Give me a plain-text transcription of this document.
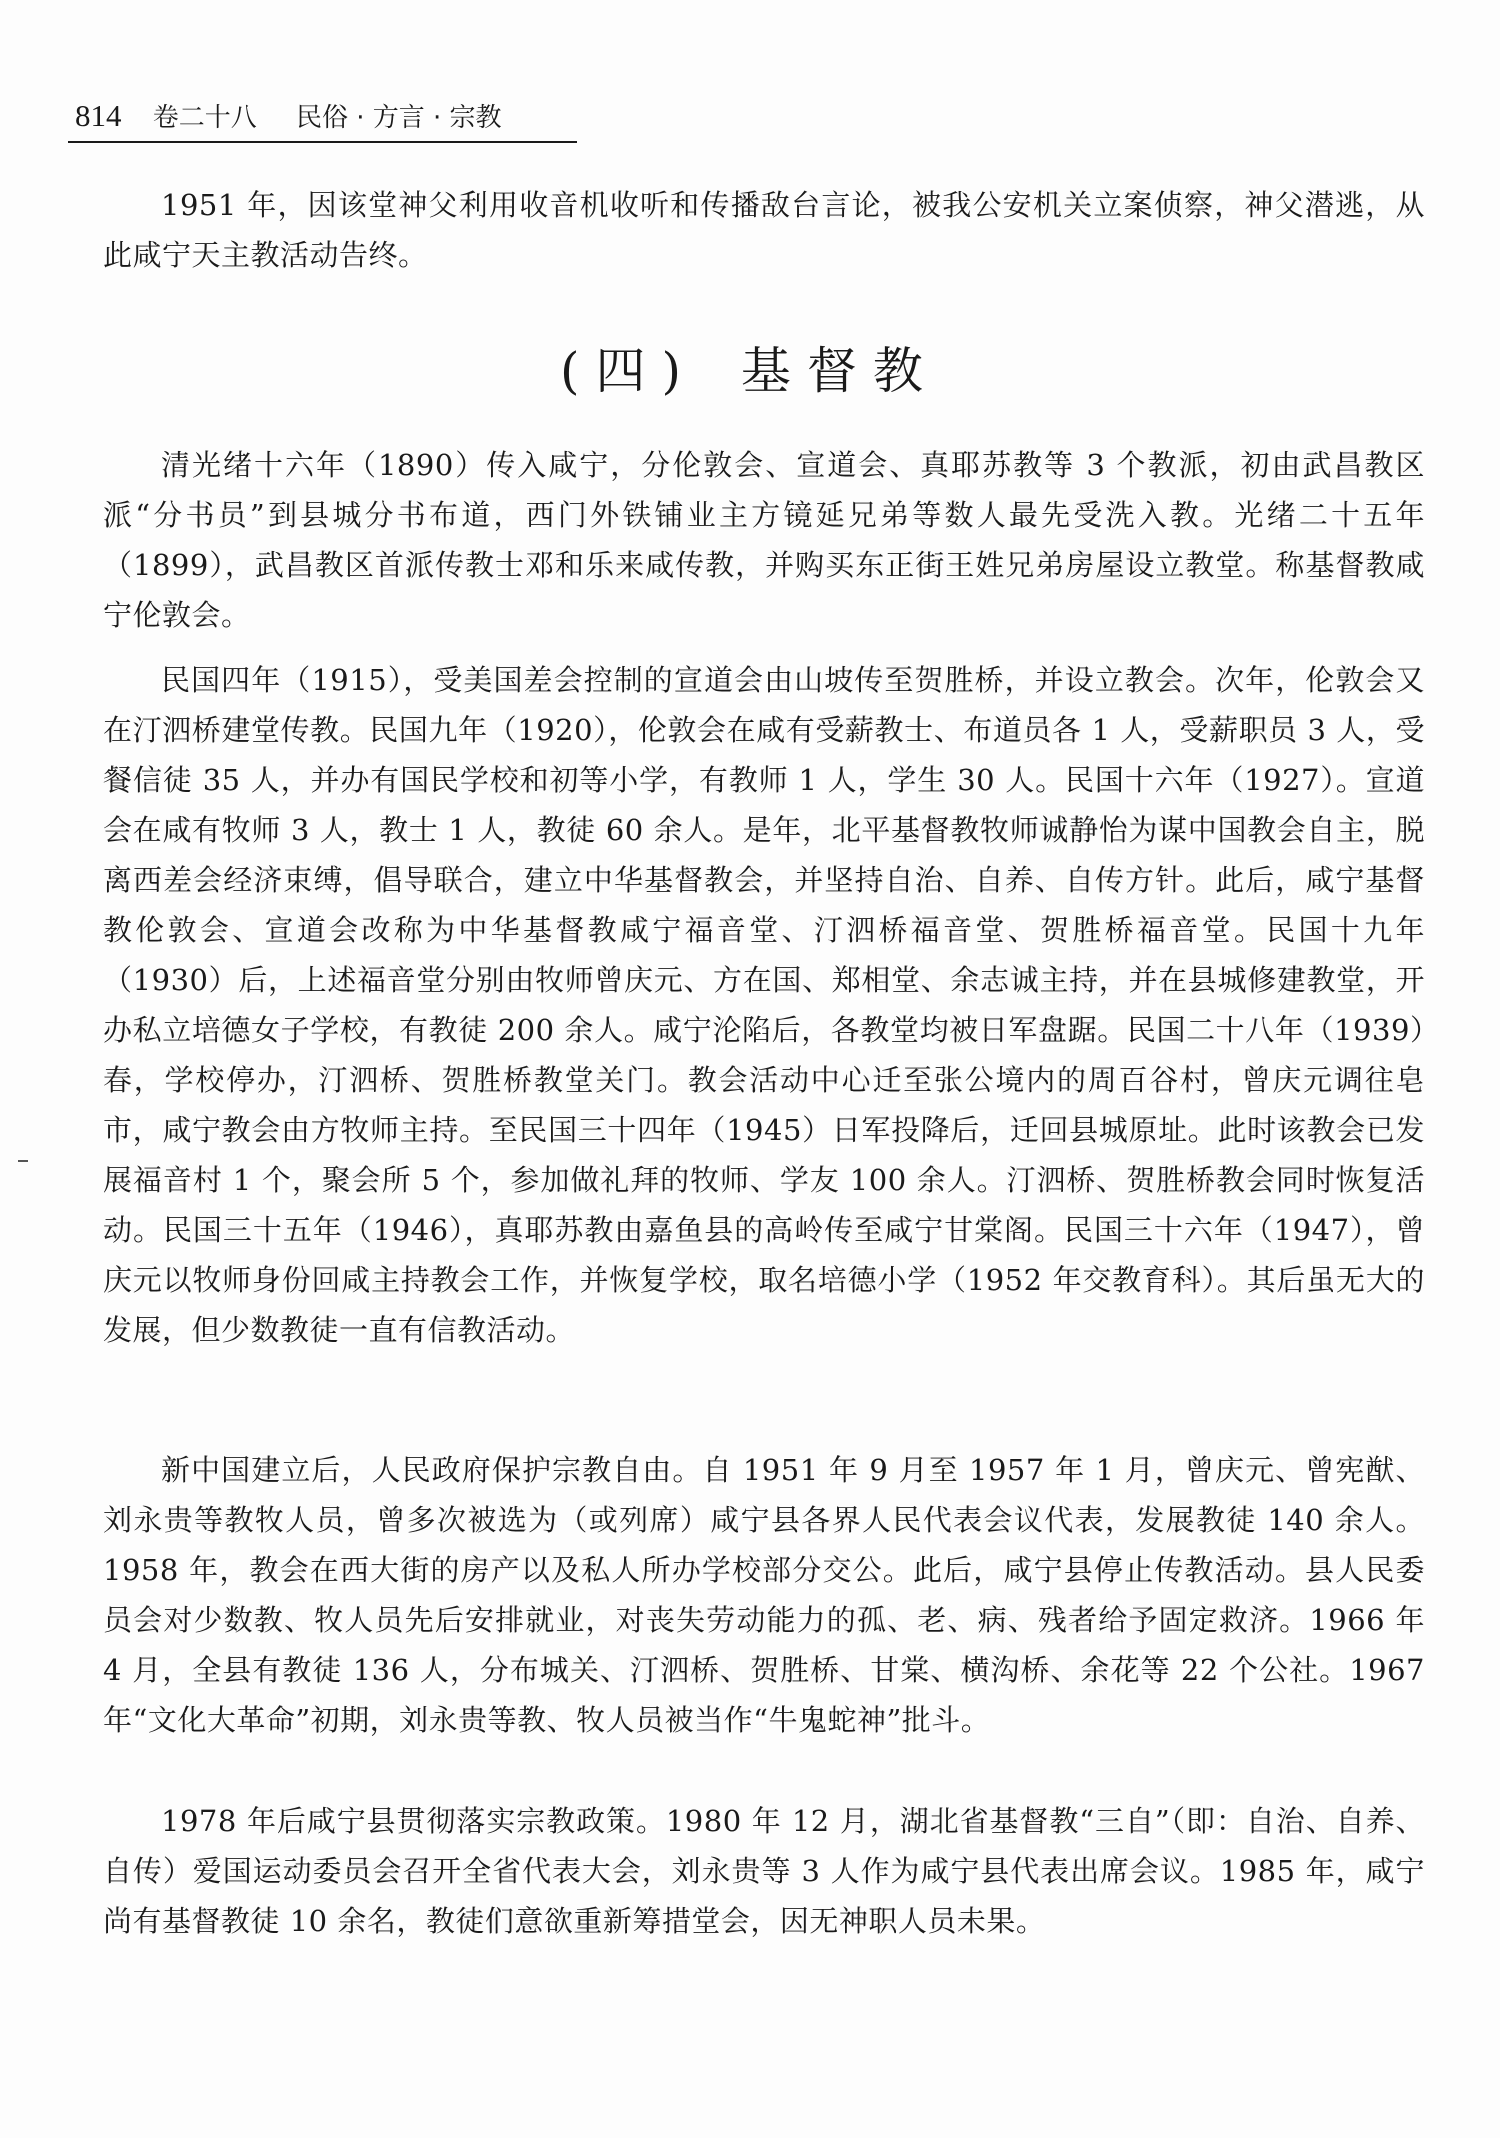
814 卷二十八 民俗 · 方言 · 宗教

1951 年，因该堂神父利用收音机收听和传播敌台言论，被我公安机关立案侦察，神父潜逃，从此咸宁天主教活动告终。

(四) 基督教

清光绪十六年（1890）传入咸宁，分伦敦会、宣道会、真耶苏教等 3 个教派，初由武昌教区派“分书员”到县城分书布道，西门外铁铺业主方镜延兄弟等数人最先受洗入教。光绪二十五年（1899），武昌教区首派传教士邓和乐来咸传教，并购买东正街王姓兄弟房屋设立教堂。称基督教咸宁伦敦会。

民国四年（1915），受美国差会控制的宣道会由山坡传至贺胜桥，并设立教会。次年，伦敦会又在汀泗桥建堂传教。民国九年（1920），伦敦会在咸有受薪教士、布道员各 1 人，受薪职员 3 人，受餐信徒 35 人，并办有国民学校和初等小学，有教师 1 人，学生 30 人。民国十六年（1927）。宣道会在咸有牧师 3 人，教士 1 人，教徒 60 余人。是年，北平基督教牧师诚静怡为谋中国教会自主，脱离西差会经济束缚，倡导联合，建立中华基督教会，并坚持自治、自养、自传方针。此后，咸宁基督教伦敦会、宣道会改称为中华基督教咸宁福音堂、汀泗桥福音堂、贺胜桥福音堂。民国十九年（1930）后，上述福音堂分别由牧师曾庆元、方在国、郑相堂、余志诚主持，并在县城修建教堂，开办私立培德女子学校，有教徒 200 余人。咸宁沦陷后，各教堂均被日军盘踞。民国二十八年（1939）春，学校停办，汀泗桥、贺胜桥教堂关门。教会活动中心迁至张公境内的周百谷村，曾庆元调往皂市，咸宁教会由方牧师主持。至民国三十四年（1945）日军投降后，迁回县城原址。此时该教会已发展福音村 1 个，聚会所 5 个，参加做礼拜的牧师、学友 100 余人。汀泗桥、贺胜桥教会同时恢复活动。民国三十五年（1946），真耶苏教由嘉鱼县的高岭传至咸宁甘棠阁。民国三十六年（1947），曾庆元以牧师身份回咸主持教会工作，并恢复学校，取名培德小学（1952 年交教育科）。其后虽无大的发展，但少数教徒一直有信教活动。

新中国建立后，人民政府保护宗教自由。自 1951 年 9 月至 1957 年 1 月，曾庆元、曾宪猷、刘永贵等教牧人员，曾多次被选为（或列席）咸宁县各界人民代表会议代表，发展教徒 140 余人。1958 年，教会在西大街的房产以及私人所办学校部分交公。此后，咸宁县停止传教活动。县人民委员会对少数教、牧人员先后安排就业，对丧失劳动能力的孤、老、病、残者给予固定救济。1966 年 4 月，全县有教徒 136 人，分布城关、汀泗桥、贺胜桥、甘棠、横沟桥、余花等 22 个公社。1967 年“文化大革命”初期，刘永贵等教、牧人员被当作“牛鬼蛇神”批斗。

1978 年后咸宁县贯彻落实宗教政策。1980 年 12 月，湖北省基督教“三自”（即：自治、自养、自传）爱国运动委员会召开全省代表大会，刘永贵等 3 人作为咸宁县代表出席会议。1985 年，咸宁尚有基督教徒 10 余名，教徒们意欲重新筹措堂会，因无神职人员未果。
